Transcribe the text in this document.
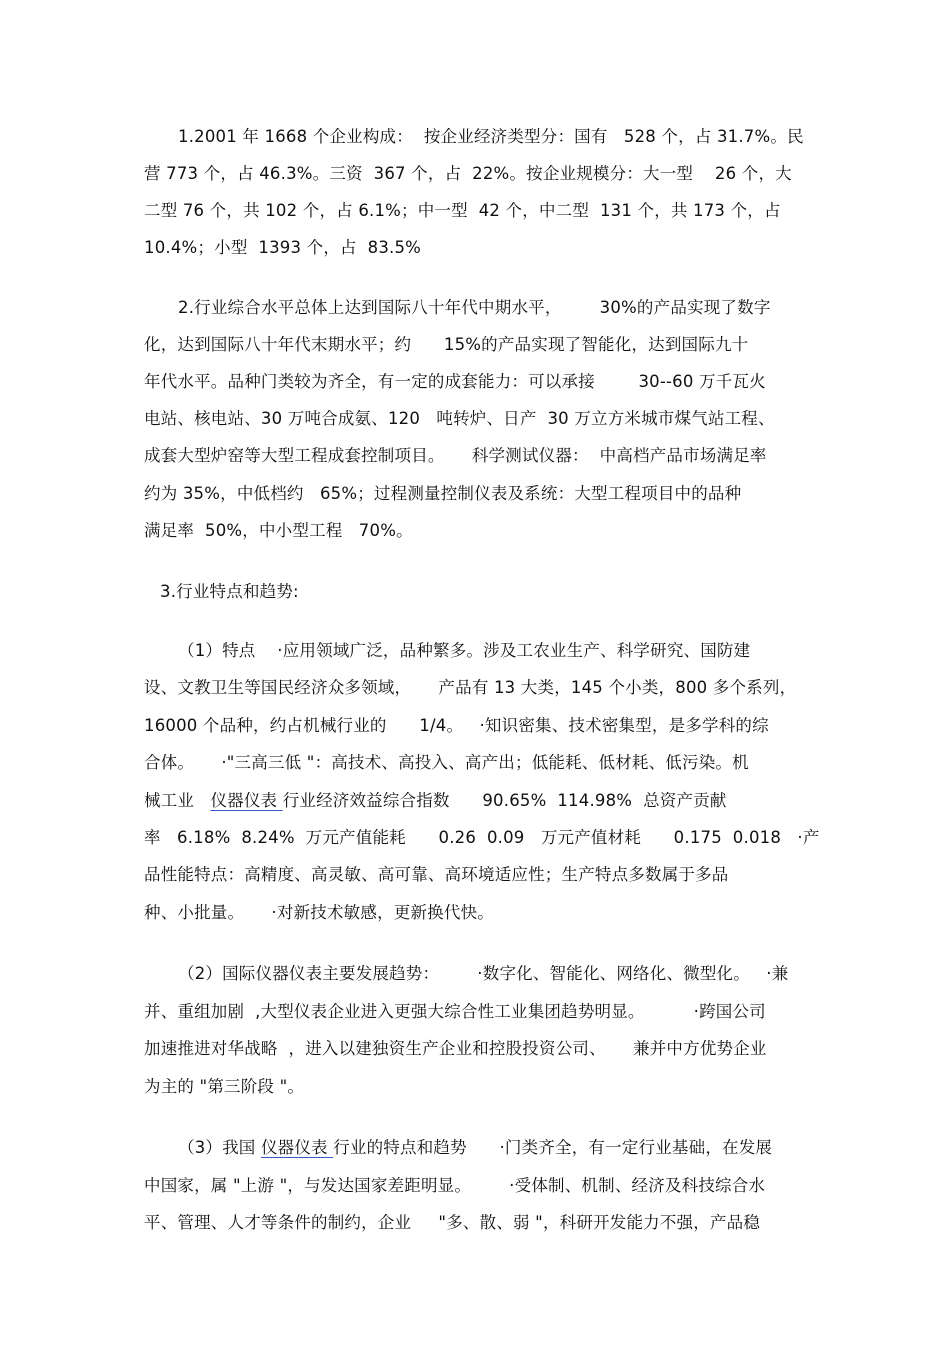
1.2001 年 1668 个企业构成：  按企业经济类型分：国有   528 个，占 31.7%。民
营 773 个，占 46.3%。三资  367 个，占  22%。按企业规模分：大一型    26 个，大
二型 76 个，共 102 个，占 6.1%；中一型  42 个，中二型  131 个，共 173 个，占
10.4%；小型  1393 个，占  83.5%
2.行业综合水平总体上达到国际八十年代中期水平，       30%的产品实现了数字
化，达到国际八十年代末期水平；约      15%的产品实现了智能化，达到国际九十
年代水平。品种门类较为齐全，有一定的成套能力：可以承接        30--60 万千瓦火
电站、核电站、30 万吨合成氨、120   吨转炉、日产  30 万立方米城市煤气站工程、
成套大型炉窑等大型工程成套控制项目。     科学测试仪器：  中高档产品市场满足率
约为 35%，中低档约   65%；过程测量控制仪表及系统：大型工程项目中的品种
满足率  50%，中小型工程   70%。
3.行业特点和趋势:
（1）特点    ·应用领域广泛，品种繁多。涉及工农业生产、科学研究、国防建
设、文教卫生等国民经济众多领域，     产品有 13 大类，145 个小类，800 多个系列，
16000 个品种，约占机械行业的      1/4。   ·知识密集、技术密集型，是多学科的综
合体。     ·"三高三低 "：高技术、高投入、高产出；低能耗、低材耗、低污染。机
械工业   仪器仪表 行业经济效益综合指数      90.65%  114.98%  总资产贡献
率   6.18%  8.24%  万元产值能耗      0.26  0.09   万元产值材耗      0.175  0.018   ·产
品性能特点：高精度、高灵敏、高可靠、高环境适应性；生产特点多数属于多品
种、小批量。     ·对新技术敏感，更新换代快。
（2）国际仪器仪表主要发展趋势：       ·数字化、智能化、网络化、微型化。   ·兼
并、重组加剧  ,大型仪表企业进入更强大综合性工业集团趋势明显。         ·跨国公司
加速推进对华战略  ，进入以建独资生产企业和控股投资公司、     兼并中方优势企业
为主的 "第三阶段 "。
（3）我国 仪器仪表 行业的特点和趋势      ·门类齐全，有一定行业基础，在发展
中国家，属 "上游 "，与发达国家差距明显。       ·受体制、机制、经济及科技综合水
平、管理、人才等条件的制约，企业     "多、散、弱 "，科研开发能力不强，产品稳
